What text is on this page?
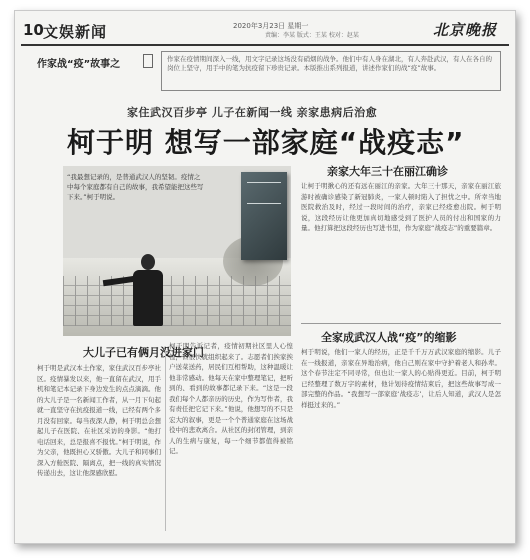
10 文娱新闻	2020年3月23日 星期一
责编：李某 版式：王某 校对：赵某	北京晚报
作家战“疫”故事之	作家在疫情期间深入一线，用文字记录这场没有硝烟的战争。他们中有人身在湖北，有人奔赴武汉，有人在各自的岗位上坚守，用手中的笔为抗疫留下珍贵记录。本版推出系列报道，讲述作家们的战“疫”故事。
家住武汉百步亭 儿子在新闻一线 亲家患病后治愈
柯于明 想写一部家庭“战疫志”
“我最想记录的，是普通武汉人的坚韧。疫情之中每个家庭都有自己的故事，我希望能把这些写下来。”柯于明说。
亲家大年三十在丽江确诊
让柯于明揪心的还有远在丽江的亲家。大年三十那天，亲家在丽江旅游时被确诊感染了新冠肺炎，一家人顿时陷入了担忧之中。所幸当地医院救治及时，经过一段时间的治疗，亲家已经痊愈出院。柯于明说，这段经历让他更加真切地感受到了医护人员的付出和国家的力量。他打算把这段经历也写进书里，作为家庭“战疫志”的重要篇章。
大儿子已有俩月没进家门
柯于明是武汉本土作家，家住武汉百步亭社区。疫情暴发以来，他一直留在武汉，用手机和笔记本记录下身边发生的点点滴滴。他的大儿子是一名新闻工作者，从一月下旬起就一直坚守在抗疫报道一线，已经有两个多月没有回家。每当夜深人静，柯于明总会想起儿子在医院、在社区采访的身影。“他打电话回来，总是报喜不报忧。”柯于明说，作为父亲，他既担心又骄傲。大儿子和同事们深入方舱医院、隔离点，把一线的真实情况传递出去，这让他深感欣慰。
柯于明告诉记者，疫情初期社区里人心惶惶，但很快就组织起来了。志愿者们挨家挨户送菜送药，居民们互相帮助，这种温暖让他非常感动。他每天在家中整理笔记，把听到的、看到的故事都记录下来。“这是一段我们每个人都亲历的历史，作为写作者，我有责任把它记下来。”他说，他想写的不只是宏大的叙事，更是一个个普通家庭在这场战役中的悲欢离合。从社区的封闭管理，到亲人的生病与康复，每一个细节都值得被铭记。
全家成武汉人战“疫”的缩影
柯于明说，他们一家人的经历，正是千千万万武汉家庭的缩影。儿子在一线报道，亲家在异地治病，他自己则在家中守护着老人和孙辈。这个春节注定不同寻常，但也让一家人的心贴得更近。目前，柯于明已经整理了数万字的素材，他计划待疫情结束后，把这些故事写成一部完整的作品。“我想写一部家庭‘战疫志’，让后人知道，武汉人是怎样挺过来的。”
